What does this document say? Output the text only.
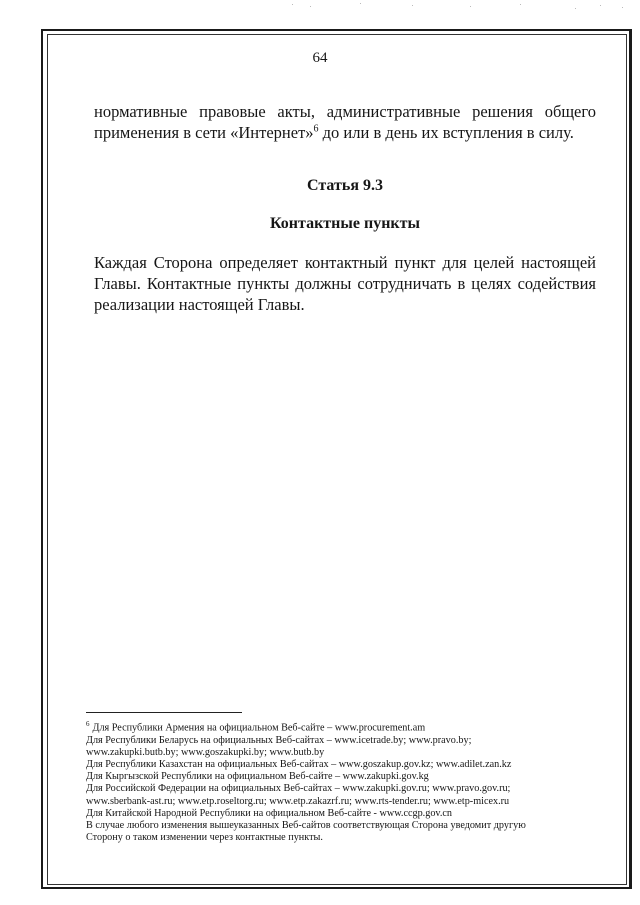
64

нормативные правовые акты, административные решения общего применения в сети «Интернет»$^6$ до или в день их вступления в силу.

Статья 9.3
Контактные пункты

Каждая Сторона определяет контактный пункт для целей настоящей Главы. Контактные пункты должны сотрудничать в целях содействия реализации настоящей Главы.

$^6$ Для Республики Армения на официальном Веб-сайте – www.procurement.am
Для Республики Беларусь на официальных Веб-сайтах – www.icetrade.by; www.pravo.by;
www.zakupki.butb.by; www.goszakupki.by; www.butb.by
Для Республики Казахстан на официальных Веб-сайтах – www.goszakup.gov.kz; www.adilet.zan.kz
Для Кыргызской Республики на официальном Веб-сайте – www.zakupki.gov.kg
Для Российской Федерации на официальных Веб-сайтах – www.zakupki.gov.ru; www.pravo.gov.ru;
www.sberbank-ast.ru; www.etp.roseltorg.ru; www.etp.zakazrf.ru; www.rts-tender.ru; www.etp-micex.ru
Для Китайской Народной Республики на официальном Веб-сайте - www.ccgp.gov.cn
В случае любого изменения вышеуказанных Веб-сайтов соответствующая Сторона уведомит другую
Сторону о таком изменении через контактные пункты.
